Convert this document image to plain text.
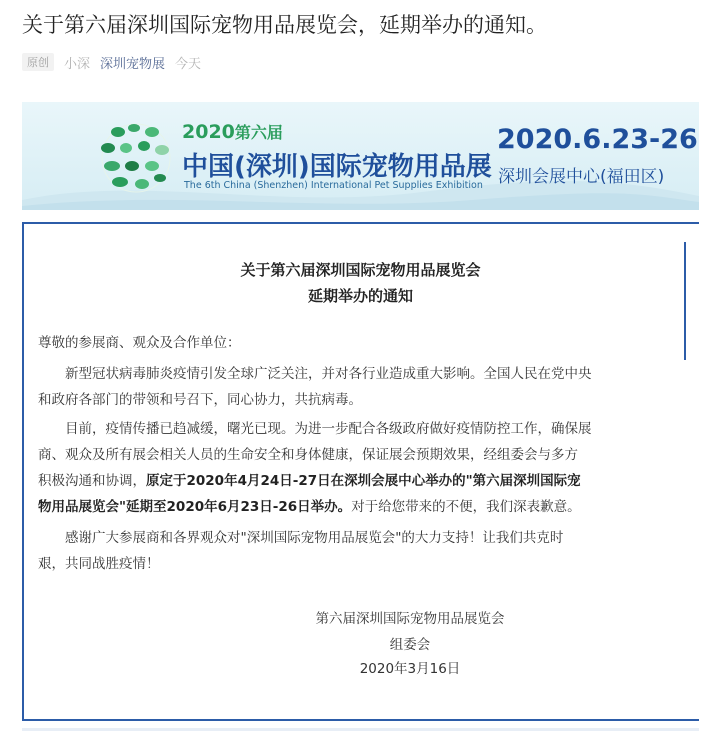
关于第六届深圳国际宠物用品展览会，延期举办的通知。
原创	小深 深圳宠物展 今天
2020第六届
中国(深圳)国际宠物用品展
The 6th China (Shenzhen) International Pet Supplies Exhibition
2020.6.23-26
深圳会展中心(福田区)
关于第六届深圳国际宠物用品展览会
延期举办的通知
尊敬的参展商、观众及合作单位：
新型冠状病毒肺炎疫情引发全球广泛关注，并对各行业造成重大影响。全国人民在党中央
和政府各部门的带领和号召下，同心协力，共抗病毒。
目前，疫情传播已趋减缓，曙光已现。为进一步配合各级政府做好疫情防控工作，确保展
商、观众及所有展会相关人员的生命安全和身体健康，保证展会预期效果，经组委会与多方
积极沟通和协调，原定于2020年4月24日-27日在深圳会展中心举办的"第六届深圳国际宠
物用品展览会"延期至2020年6月23日-26日举办。对于给您带来的不便，我们深表歉意。
感谢广大参展商和各界观众对"深圳国际宠物用品展览会"的大力支持！让我们共克时
艰，共同战胜疫情！
第六届深圳国际宠物用品展览会
组委会
2020年3月16日
